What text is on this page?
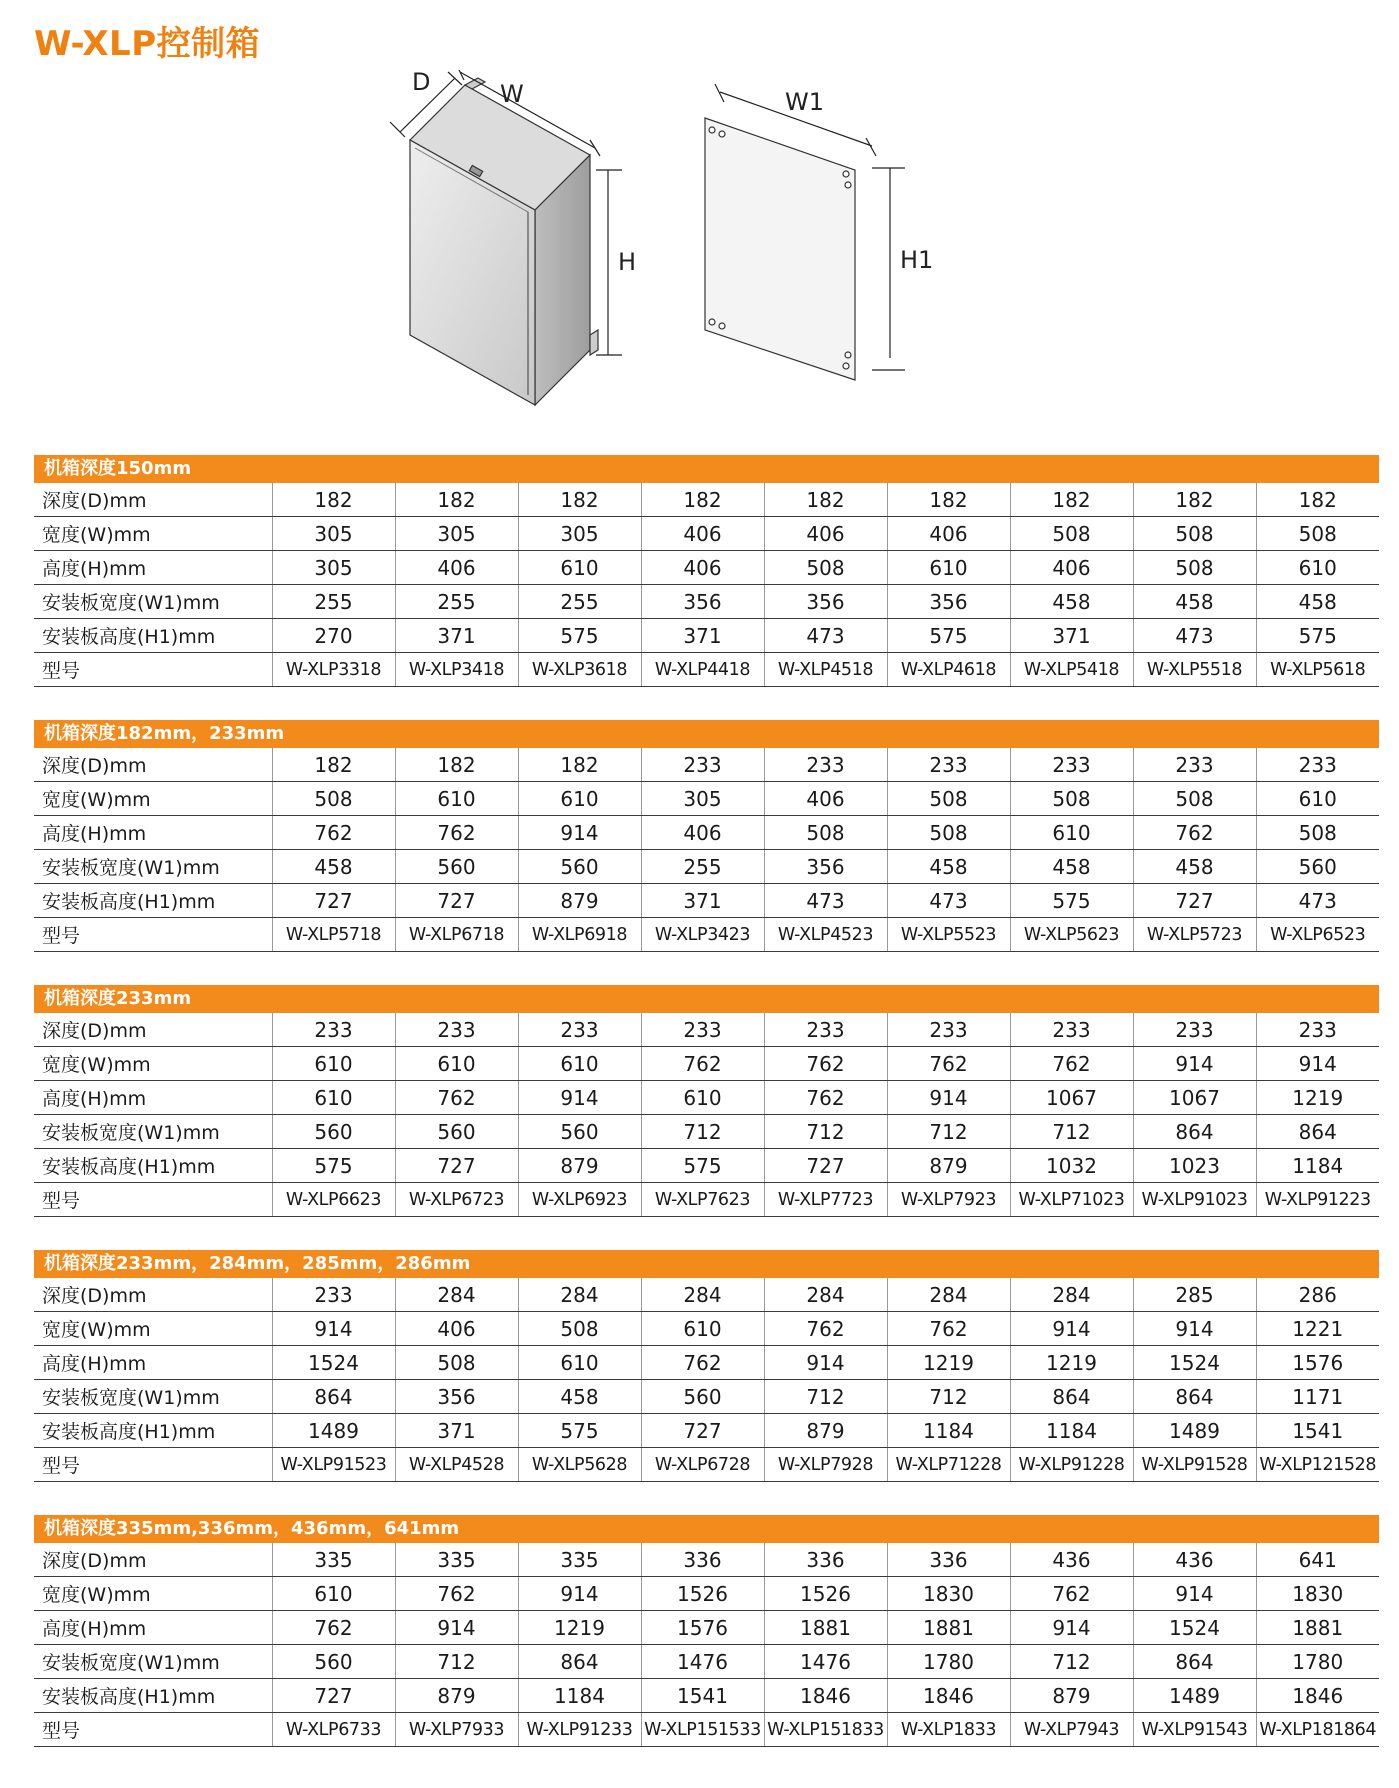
W-XLP控制箱
D	W
H
W1
H1
机箱深度150mm
深度(D)mm	182	182	182	182	182	182	182	182	182
宽度(W)mm	305	305	305	406	406	406	508	508	508
高度(H)mm	305	406	610	406	508	610	406	508	610
安装板宽度(W1)mm	255	255	255	356	356	356	458	458	458
安装板高度(H1)mm	270	371	575	371	473	575	371	473	575
型号	W-XLP3318	W-XLP3418	W-XLP3618	W-XLP4418	W-XLP4518	W-XLP4618	W-XLP5418	W-XLP5518	W-XLP5618
机箱深度182mm，233mm
深度(D)mm	182	182	182	233	233	233	233	233	233
宽度(W)mm	508	610	610	305	406	508	508	508	610
高度(H)mm	762	762	914	406	508	508	610	762	508
安装板宽度(W1)mm	458	560	560	255	356	458	458	458	560
安装板高度(H1)mm	727	727	879	371	473	473	575	727	473
型号	W-XLP5718	W-XLP6718	W-XLP6918	W-XLP3423	W-XLP4523	W-XLP5523	W-XLP5623	W-XLP5723	W-XLP6523
机箱深度233mm
深度(D)mm	233	233	233	233	233	233	233	233	233
宽度(W)mm	610	610	610	762	762	762	762	914	914
高度(H)mm	610	762	914	610	762	914	1067	1067	1219
安装板宽度(W1)mm	560	560	560	712	712	712	712	864	864
安装板高度(H1)mm	575	727	879	575	727	879	1032	1023	1184
型号	W-XLP6623	W-XLP6723	W-XLP6923	W-XLP7623	W-XLP7723	W-XLP7923	W-XLP71023	W-XLP91023	W-XLP91223
机箱深度233mm，284mm，285mm，286mm
深度(D)mm	233	284	284	284	284	284	284	285	286
宽度(W)mm	914	406	508	610	762	762	914	914	1221
高度(H)mm	1524	508	610	762	914	1219	1219	1524	1576
安装板宽度(W1)mm	864	356	458	560	712	712	864	864	1171
安装板高度(H1)mm	1489	371	575	727	879	1184	1184	1489	1541
型号	W-XLP91523	W-XLP4528	W-XLP5628	W-XLP6728	W-XLP7928	W-XLP71228	W-XLP91228	W-XLP91528	W-XLP121528
机箱深度335mm,336mm，436mm，641mm
深度(D)mm	335	335	335	336	336	336	436	436	641
宽度(W)mm	610	762	914	1526	1526	1830	762	914	1830
高度(H)mm	762	914	1219	1576	1881	1881	914	1524	1881
安装板宽度(W1)mm	560	712	864	1476	1476	1780	712	864	1780
安装板高度(H1)mm	727	879	1184	1541	1846	1846	879	1489	1846
型号	W-XLP6733	W-XLP7933	W-XLP91233	W-XLP151533	W-XLP151833	W-XLP1833	W-XLP7943	W-XLP91543	W-XLP181864
